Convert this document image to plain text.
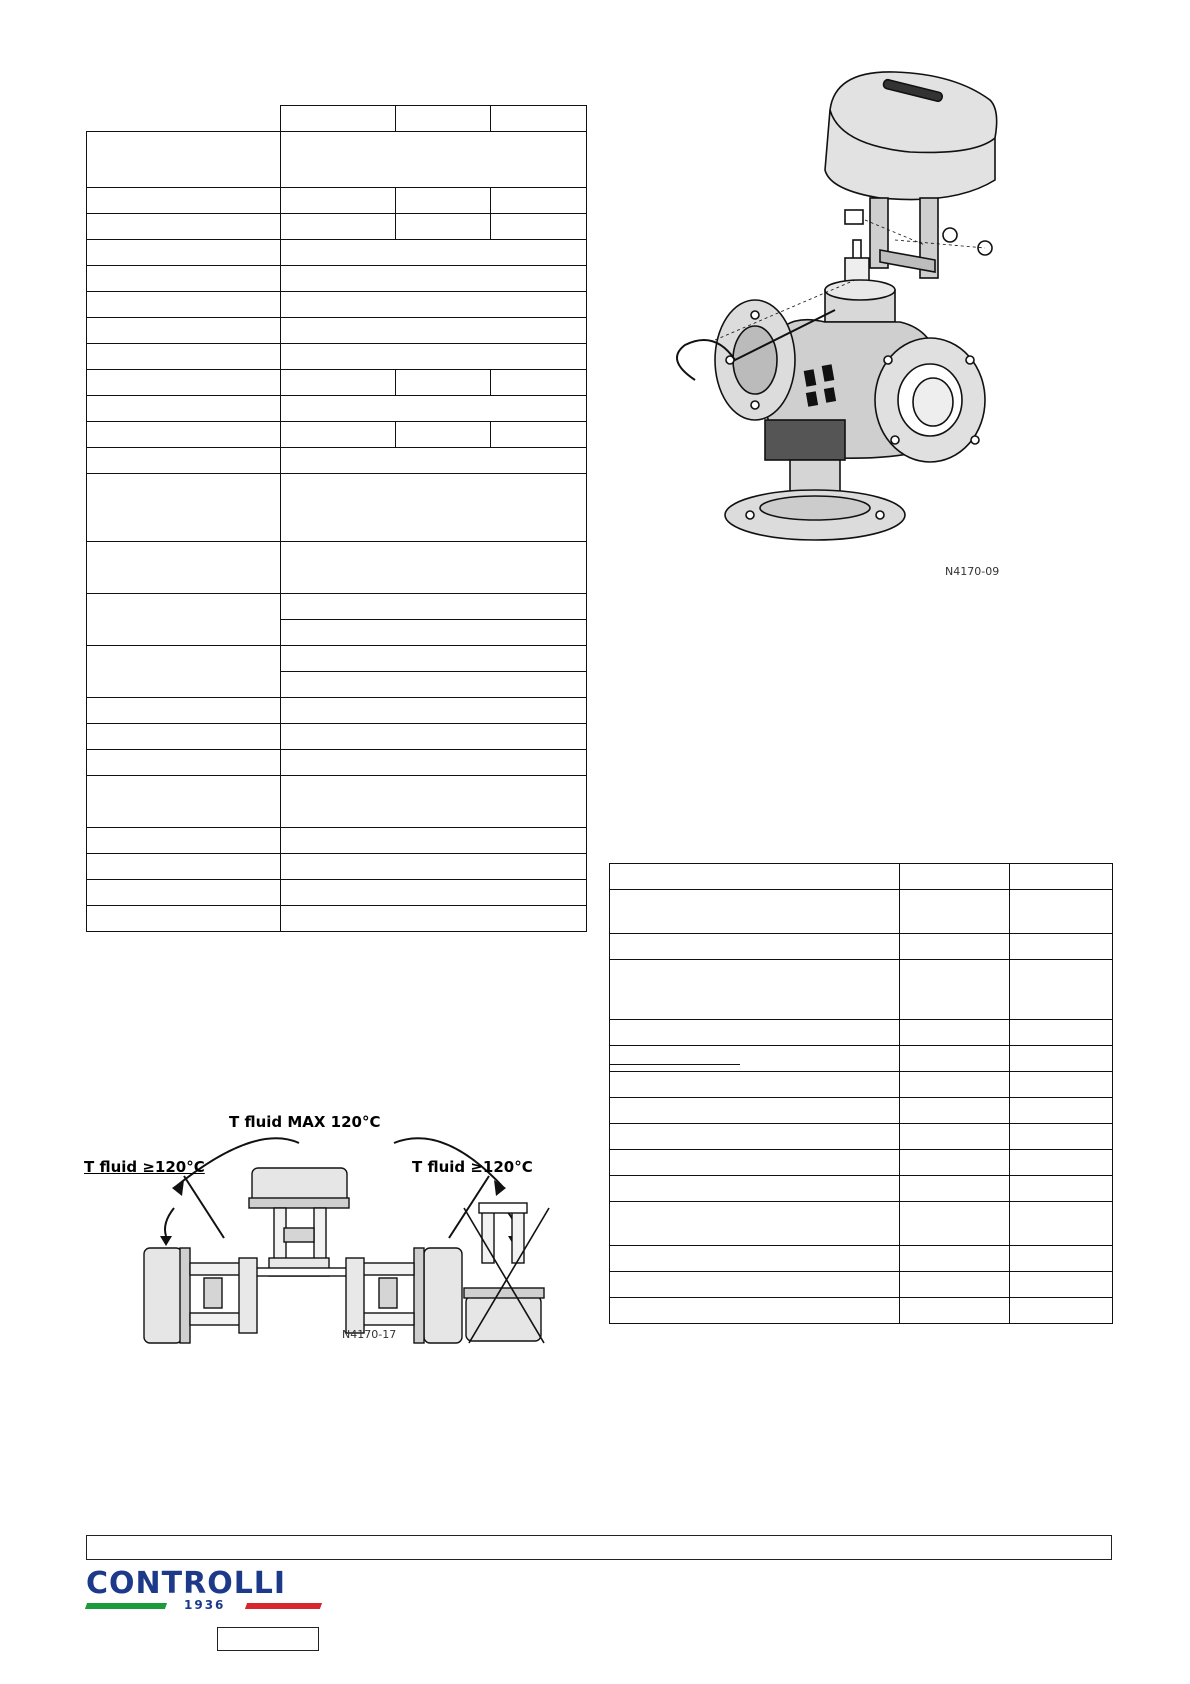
N4170-09

T fluid MAX 120°C
T fluid ≥120°C	T fluid ≥120°C
N4170-17
CONTROLLI
1936
